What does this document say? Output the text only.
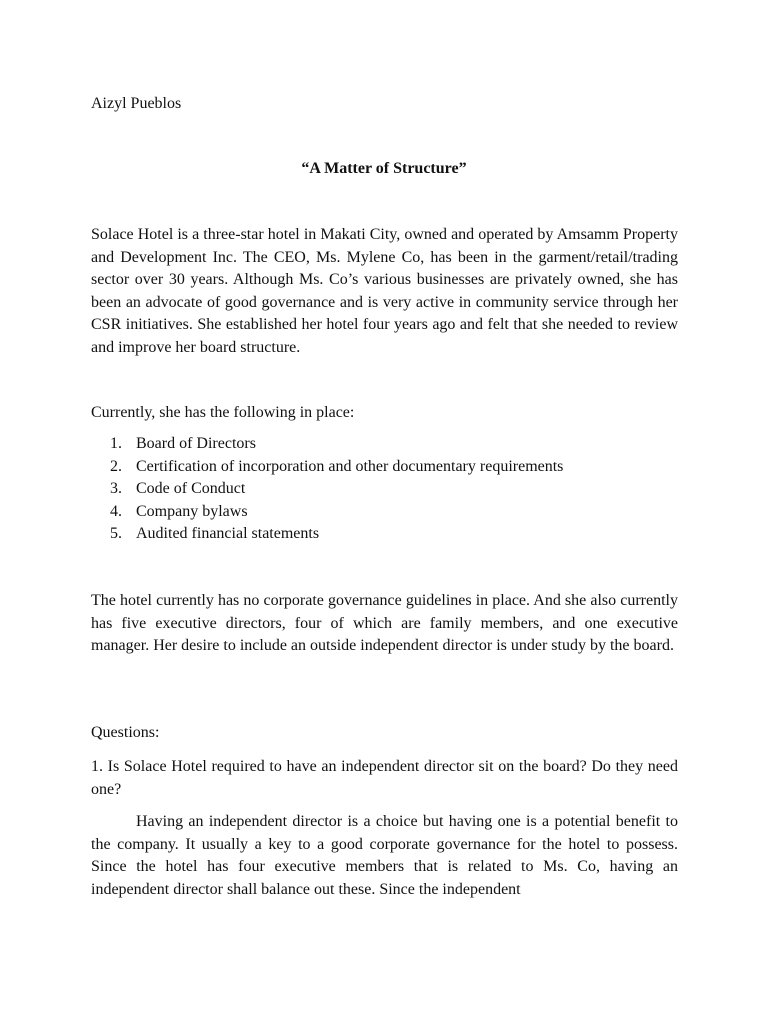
Aizyl Pueblos

“A Matter of Structure”

Solace Hotel is a three-star hotel in Makati City, owned and operated by Amsamm Property and Development Inc. The CEO, Ms. Mylene Co, has been in the garment/retail/trading sector over 30 years. Although Ms. Co’s various businesses are privately owned, she has been an advocate of good governance and is very active in community service through her CSR initiatives. She established her hotel four years ago and felt that she needed to review and improve her board structure.

Currently, she has the following in place:

1. Board of Directors
2. Certification of incorporation and other documentary requirements
3. Code of Conduct
4. Company bylaws
5. Audited financial statements

The hotel currently has no corporate governance guidelines in place. And she also currently has five executive directors, four of which are family members, and one executive manager. Her desire to include an outside independent director is under study by the board.

Questions:

1. Is Solace Hotel required to have an independent director sit on the board? Do they need one?

Having an independent director is a choice but having one is a potential benefit to the company. It usually a key to a good corporate governance for the hotel to possess. Since the hotel has four executive members that is related to Ms. Co, having an independent director shall balance out these. Since the independent
